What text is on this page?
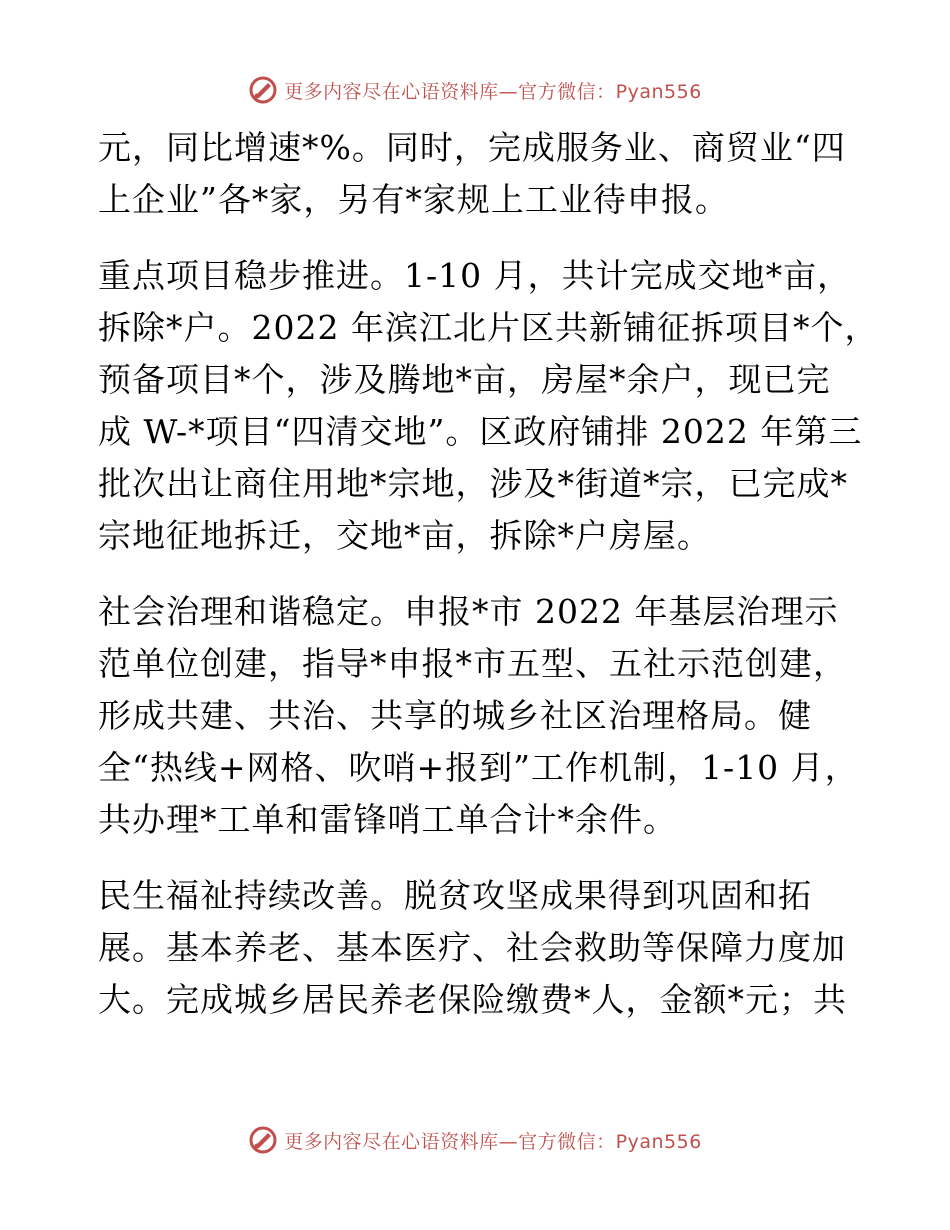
更多内容尽在心语资料库—官方微信：Pyan556
元，同比增速*%。同时，完成服务业、商贸业“四
上企业”各*家，另有*家规上工业待申报。
重点项目稳步推进。1-10 月，共计完成交地*亩，
拆除*户。2022 年滨江北片区共新铺征拆项目*个，
预备项目*个，涉及腾地*亩，房屋*余户，现已完
成 W-*项目“四清交地”。区政府铺排 2022 年第三
批次出让商住用地*宗地，涉及*街道*宗，已完成*
宗地征地拆迁，交地*亩，拆除*户房屋。
社会治理和谐稳定。申报*市 2022 年基层治理示
范单位创建，指导*申报*市五型、五社示范创建，
形成共建、共治、共享的城乡社区治理格局。健
全“热线+网格、吹哨+报到”工作机制，1-10 月，
共办理*工单和雷锋哨工单合计*余件。
民生福祉持续改善。脱贫攻坚成果得到巩固和拓
展。基本养老、基本医疗、社会救助等保障力度加
大。完成城乡居民养老保险缴费*人，金额*元；共
更多内容尽在心语资料库—官方微信：Pyan556
